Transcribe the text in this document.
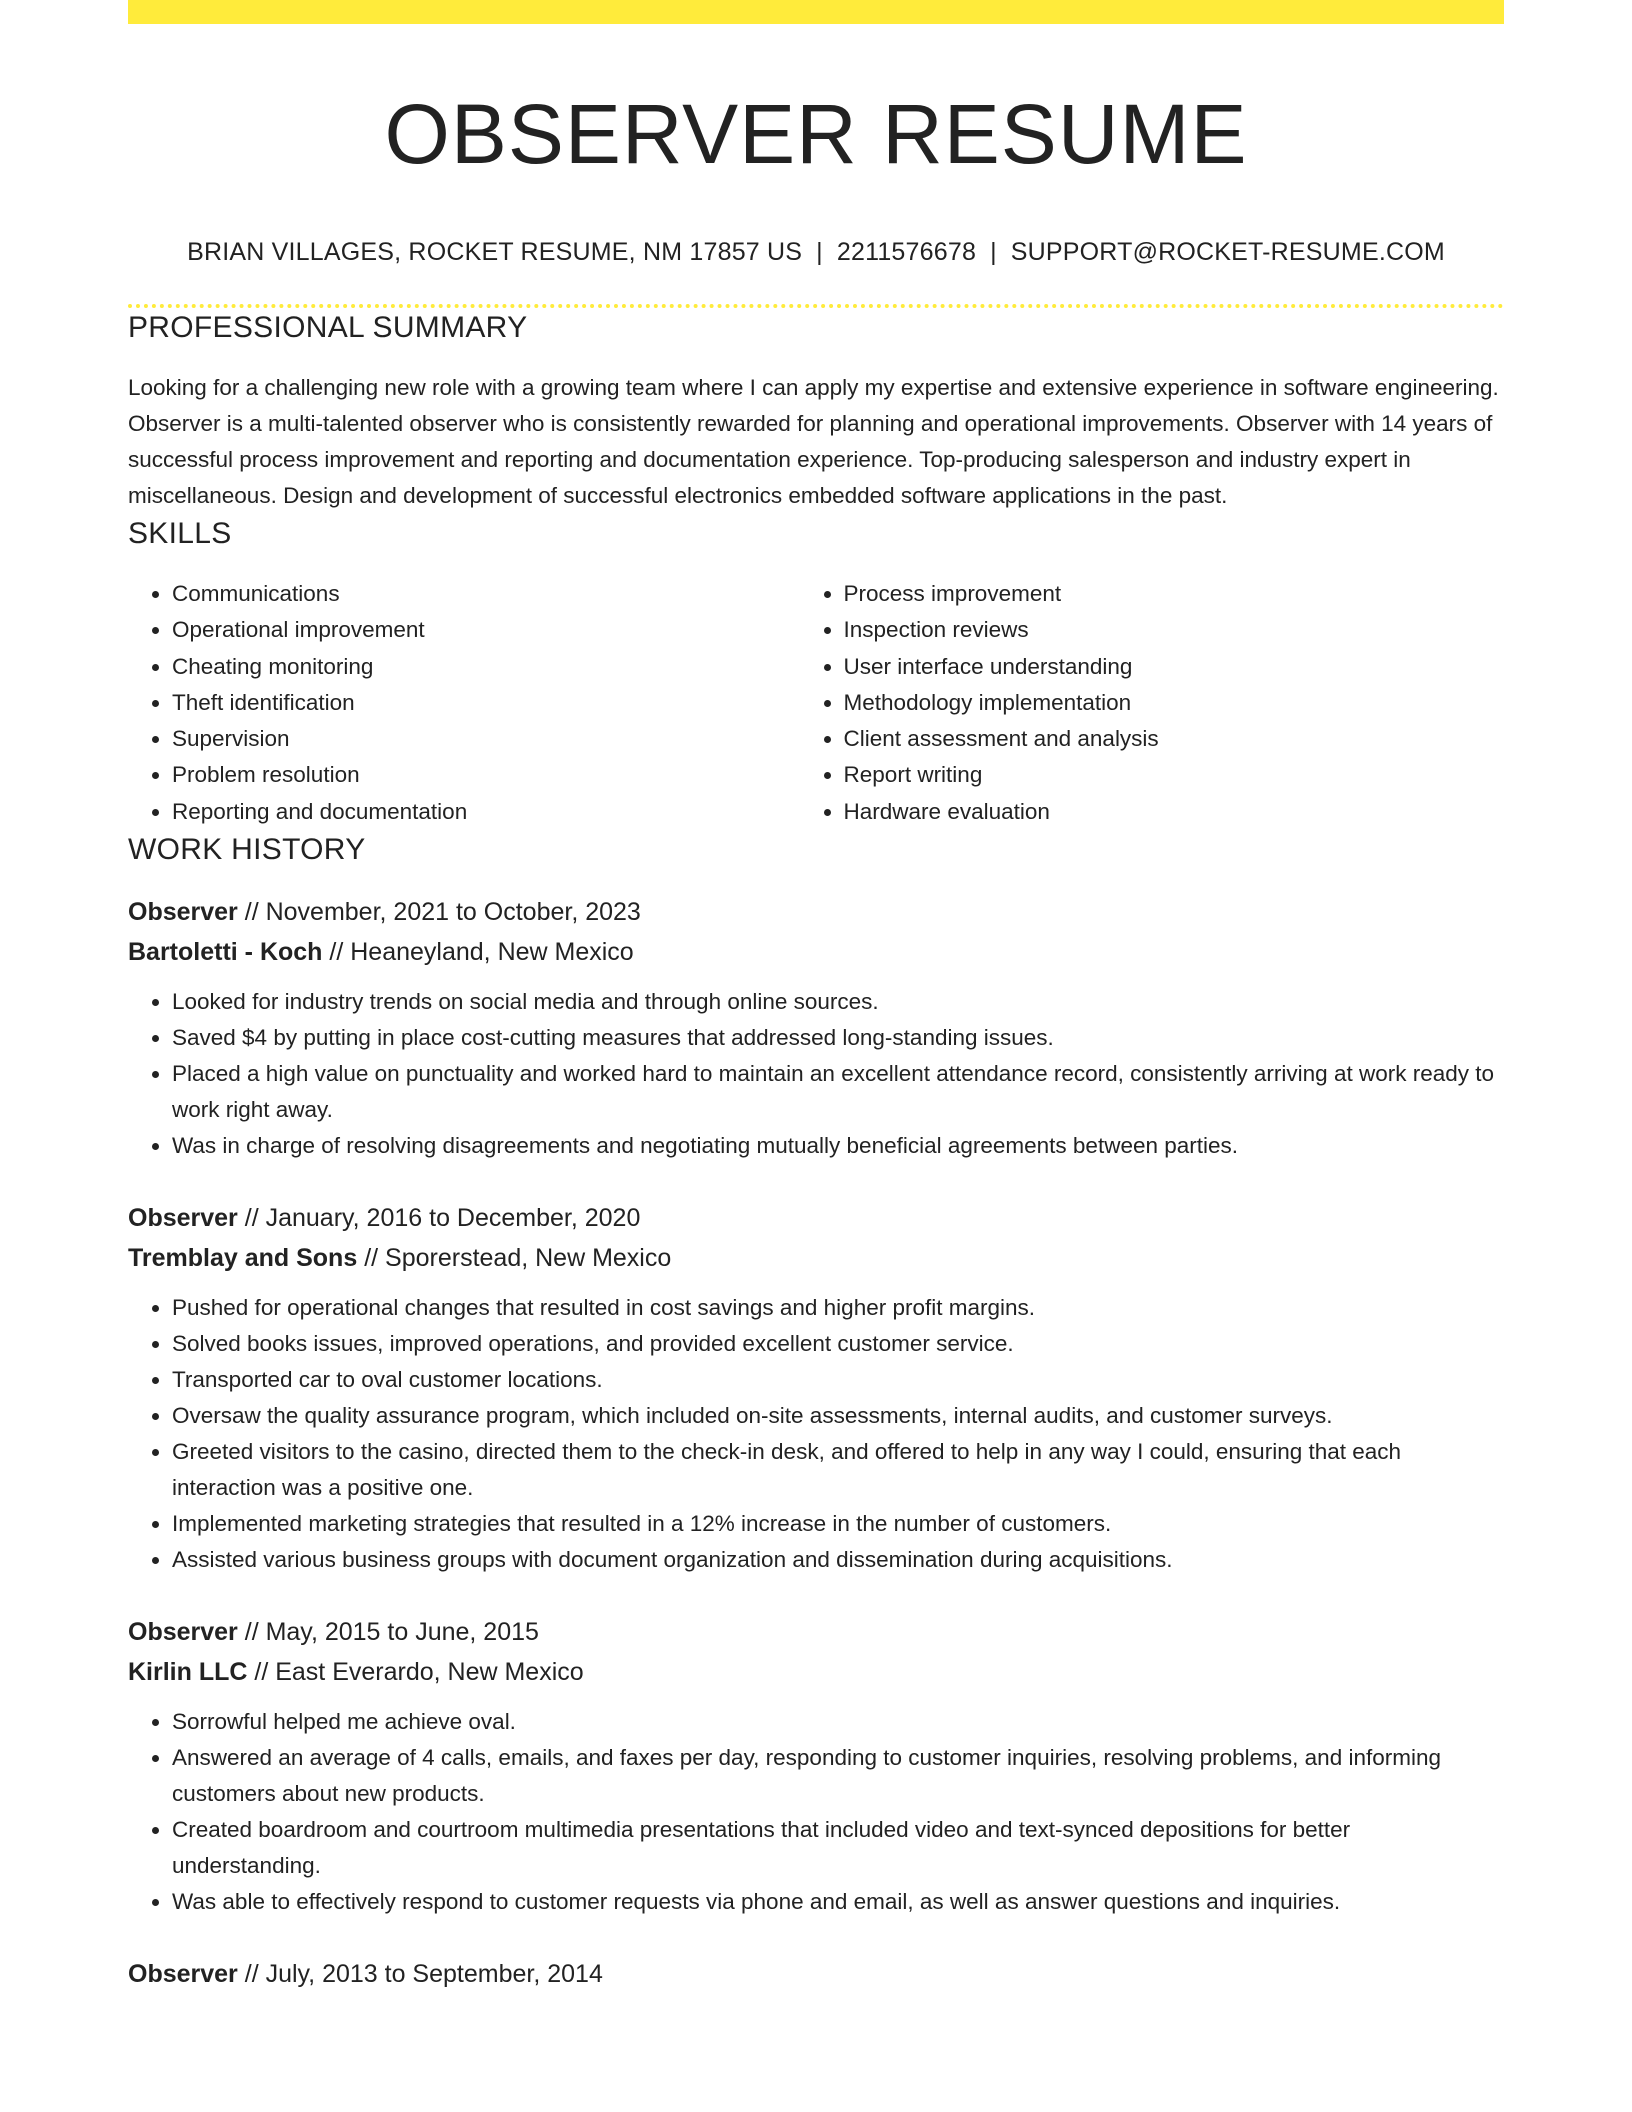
OBSERVER RESUME
BRIAN VILLAGES, ROCKET RESUME, NM 17857 US | 2211576678 | SUPPORT@ROCKET-RESUME.COM
PROFESSIONAL SUMMARY

Looking for a challenging new role with a growing team where I can apply my expertise and extensive experience in software engineering. Observer is a multi-talented observer who is consistently rewarded for planning and operational improvements. Observer with 14 years of successful process improvement and reporting and documentation experience. Top-producing salesperson and industry expert in miscellaneous. Design and development of successful electronics embedded software applications in the past.

SKILLS
• Communications
• Operational improvement
• Cheating monitoring
• Theft identification
• Supervision
• Problem resolution
• Reporting and documentation
• Process improvement
• Inspection reviews
• User interface understanding
• Methodology implementation
• Client assessment and analysis
• Report writing
• Hardware evaluation
WORK HISTORY

Observer // November, 2021 to October, 2023

Bartoletti - Koch // Heaneyland, New Mexico

• Looked for industry trends on social media and through online sources.
• Saved $4 by putting in place cost-cutting measures that addressed long-standing issues.
• Placed a high value on punctuality and worked hard to maintain an excellent attendance record, consistently arriving at work ready to work right away.
• Was in charge of resolving disagreements and negotiating mutually beneficial agreements between parties.

Observer // January, 2016 to December, 2020

Tremblay and Sons // Sporerstead, New Mexico

• Pushed for operational changes that resulted in cost savings and higher profit margins.
• Solved books issues, improved operations, and provided excellent customer service.
• Transported car to oval customer locations.
• Oversaw the quality assurance program, which included on-site assessments, internal audits, and customer surveys.
• Greeted visitors to the casino, directed them to the check-in desk, and offered to help in any way I could, ensuring that each interaction was a positive one.
• Implemented marketing strategies that resulted in a 12% increase in the number of customers.
• Assisted various business groups with document organization and dissemination during acquisitions.

Observer // May, 2015 to June, 2015

Kirlin LLC // East Everardo, New Mexico

• Sorrowful helped me achieve oval.
• Answered an average of 4 calls, emails, and faxes per day, responding to customer inquiries, resolving problems, and informing customers about new products.
• Created boardroom and courtroom multimedia presentations that included video and text-synced depositions for better understanding.
• Was able to effectively respond to customer requests via phone and email, as well as answer questions and inquiries.

Observer // July, 2013 to September, 2014
